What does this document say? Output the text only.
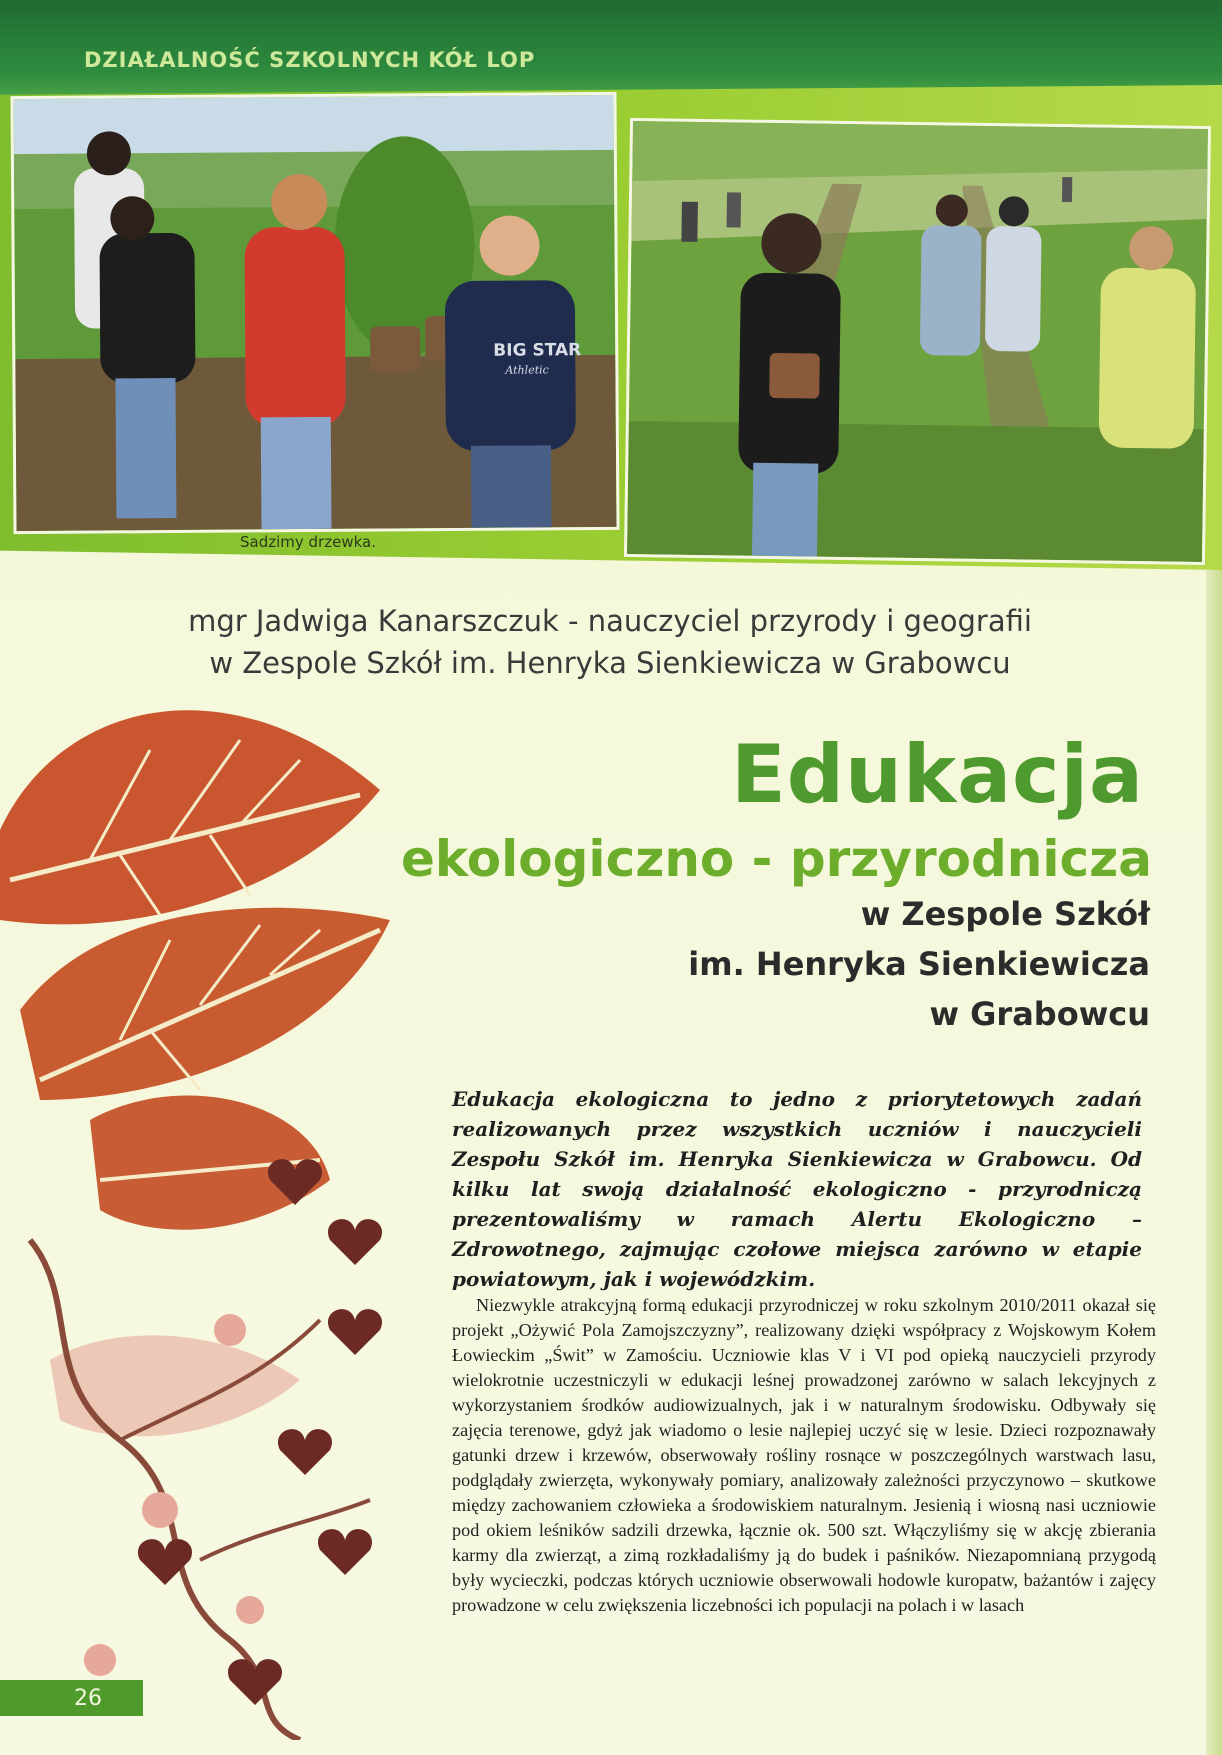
DZIAŁALNOŚĆ SZKOLNYCH KÓŁ LOP
BIG STAR
Athletic
Sadzimy drzewka.
mgr Jadwiga Kanarszczuk - nauczyciel przyrody i geografii
w Zespole Szkół im. Henryka Sienkiewicza w Grabowcu
Edukacja
ekologiczno - przyrodnicza
w Zespole Szkół
im. Henryka Sienkiewicza
w Grabowcu

Edukacja ekologiczna to jedno z priorytetowych zadań realizowanych przez wszystkich uczniów i nauczycieli Zespołu Szkół im. Henryka Sienkiewicza w Grabowcu. Od kilku lat swoją działalność ekologiczno - przyrodniczą prezentowaliśmy w ramach Alertu Ekologiczno – Zdrowotnego, zajmując czołowe miejsca zarówno w etapie powiatowym, jak i wojewódzkim.

Niezwykle atrakcyjną formą edukacji przyrodniczej w roku szkolnym 2010/2011 okazał się projekt „Ożywić Pola Zamojszczyzny”, realizowany dzięki współpracy z Wojskowym Kołem Łowieckim „Świt” w Zamościu. Uczniowie klas V i VI pod opieką nauczycieli przyrody wielokrotnie uczestniczyli w edukacji leśnej prowadzonej zarówno w salach lekcyjnych z wykorzystaniem środków audiowizualnych, jak i w naturalnym środowisku. Odbywały się zajęcia terenowe, gdyż jak wiadomo o lesie najlepiej uczyć się w lesie. Dzieci rozpoznawały gatunki drzew i krzewów, obserwowały rośliny rosnące w poszczególnych warstwach lasu, podglądały zwierzęta, wykonywały pomiary, analizowały zależności przyczynowo – skutkowe między zachowaniem człowieka a środowiskiem naturalnym. Jesienią i wiosną nasi uczniowie pod okiem leśników sadzili drzewka, łącznie ok. 500 szt. Włączyliśmy się w akcję zbierania karmy dla zwierząt, a zimą rozkładaliśmy ją do budek i paśników. Niezapomnianą przygodą były wycieczki, podczas których uczniowie obserwowali hodowle kuropatw, bażantów i zajęcy prowadzone w celu zwiększenia liczebności ich populacji na polach i w lasach

26
